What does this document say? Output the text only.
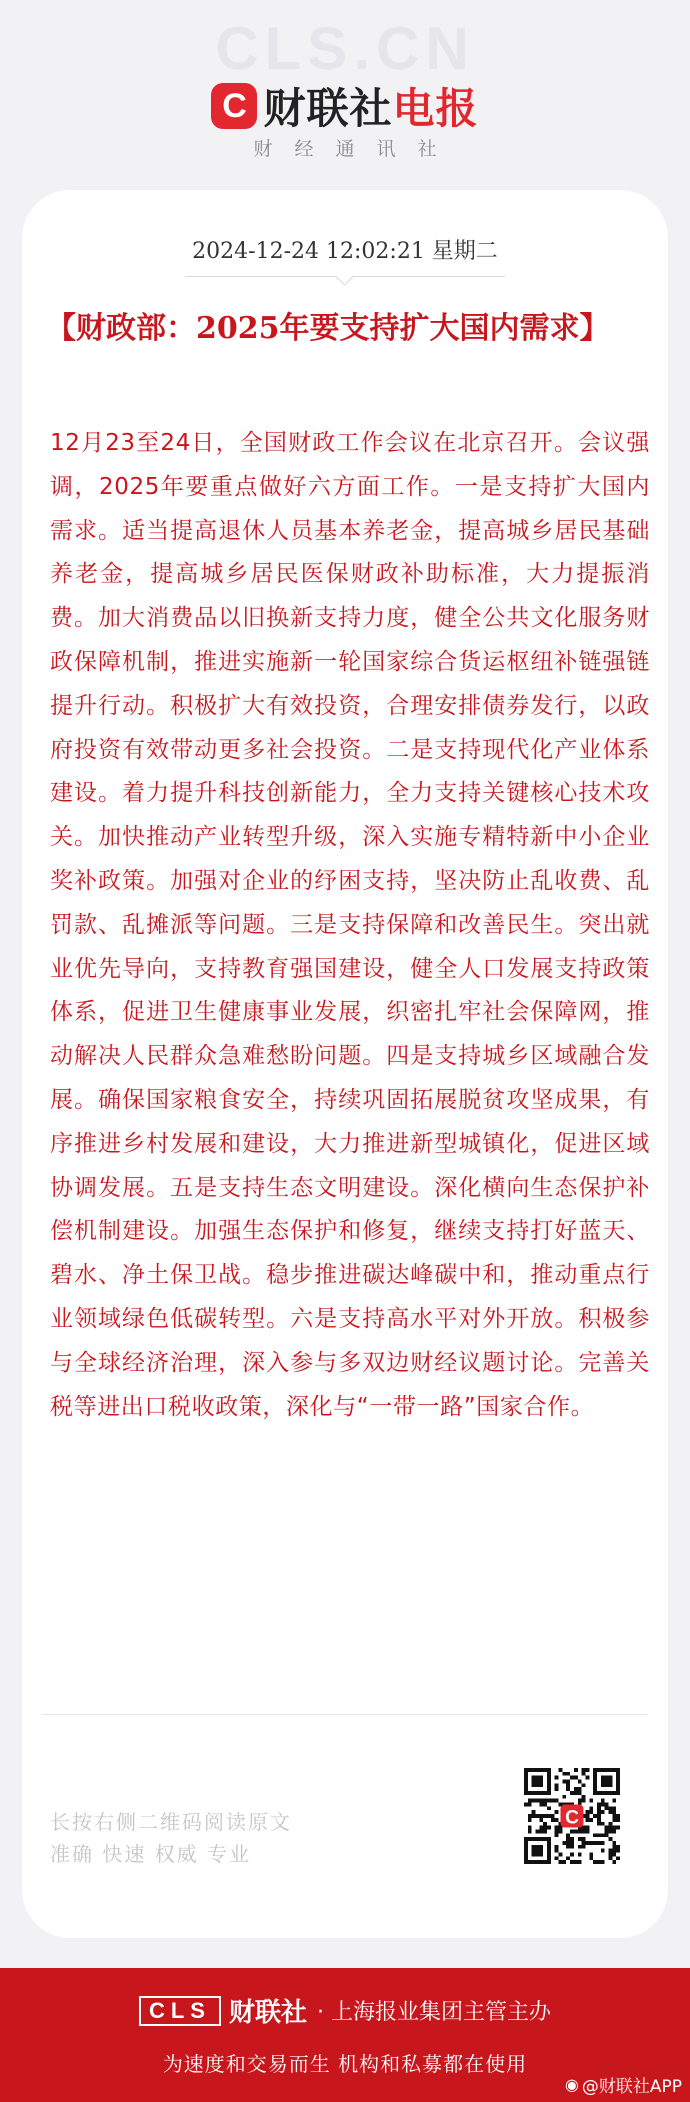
CLS.CN
C 财联社电报
财经通讯社
2024-12-24 12:02:21 星期二
【财政部：2025年要支持扩大国内需求】
12月23至24日，全国财政工作会议在北京召开。会议强调，2025年要重点做好六方面工作。一是支持扩大国内需求。适当提高退休人员基本养老金，提高城乡居民基础养老金，提高城乡居民医保财政补助标准，大力提振消费。加大消费品以旧换新支持力度，健全公共文化服务财政保障机制，推进实施新一轮国家综合货运枢纽补链强链提升行动。积极扩大有效投资，合理安排债券发行，以政府投资有效带动更多社会投资。二是支持现代化产业体系建设。着力提升科技创新能力，全力支持关键核心技术攻关。加快推动产业转型升级，深入实施专精特新中小企业奖补政策。加强对企业的纾困支持，坚决防止乱收费、乱罚款、乱摊派等问题。三是支持保障和改善民生。突出就业优先导向，支持教育强国建设，健全人口发展支持政策体系，促进卫生健康事业发展，织密扎牢社会保障网，推动解决人民群众急难愁盼问题。四是支持城乡区域融合发展。确保国家粮食安全，持续巩固拓展脱贫攻坚成果，有序推进乡村发展和建设，大力推进新型城镇化，促进区域协调发展。五是支持生态文明建设。深化横向生态保护补偿机制建设。加强生态保护和修复，继续支持打好蓝天、碧水、净土保卫战。稳步推进碳达峰碳中和，推动重点行业领域绿色低碳转型。六是支持高水平对外开放。积极参与全球经济治理，深入参与多双边财经议题讨论。完善关税等进出口税收政策，深化与“一带一路”国家合作。
长按右侧二维码阅读原文
准确 快速 权威 专业
C
CLS 财联社 · 上海报业集团主管主办
为速度和交易而生 机构和私募都在使用
◉ @财联社APP
